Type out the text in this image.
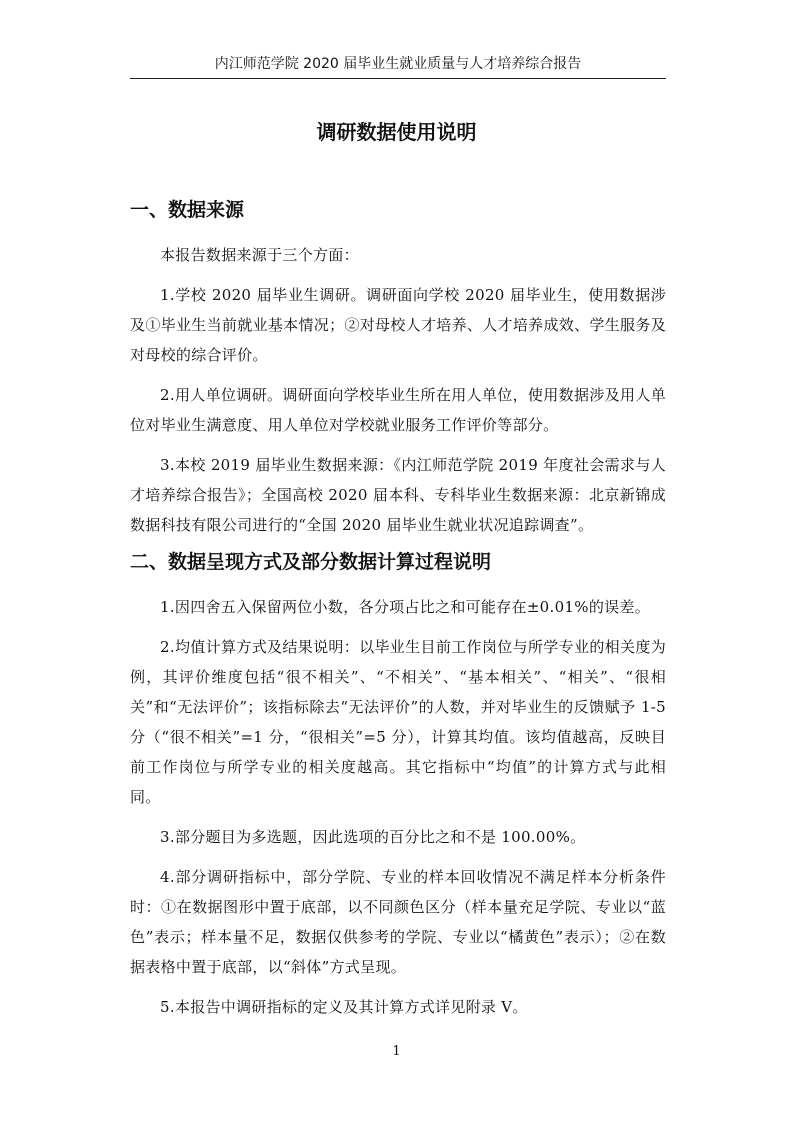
内江师范学院 2020 届毕业生就业质量与人才培养综合报告
调研数据使用说明
一、数据来源

本报告数据来源于三个方面：

1.学校 2020 届毕业生调研。调研面向学校 2020 届毕业生，使用数据涉及①毕业生当前就业基本情况；②对母校人才培养、人才培养成效、学生服务及对母校的综合评价。

2.用人单位调研。调研面向学校毕业生所在用人单位，使用数据涉及用人单位对毕业生满意度、用人单位对学校就业服务工作评价等部分。

3.本校 2019 届毕业生数据来源：《内江师范学院 2019 年度社会需求与人才培养综合报告》；全国高校 2020 届本科、专科毕业生数据来源：北京新锦成数据科技有限公司进行的“全国 2020 届毕业生就业状况追踪调查”。

二、数据呈现方式及部分数据计算过程说明

1.因四舍五入保留两位小数，各分项占比之和可能存在±0.01%的误差。

2.均值计算方式及结果说明：以毕业生目前工作岗位与所学专业的相关度为例，其评价维度包括“很不相关”、“不相关”、“基本相关”、“相关”、“很相关”和“无法评价”；该指标除去“无法评价”的人数，并对毕业生的反馈赋予 1-5 分（“很不相关”=1 分，“很相关”=5 分），计算其均值。该均值越高，反映目前工作岗位与所学专业的相关度越高。其它指标中“均值”的计算方式与此相同。

3.部分题目为多选题，因此选项的百分比之和不是 100.00%。

4.部分调研指标中，部分学院、专业的样本回收情况不满足样本分析条件时：①在数据图形中置于底部，以不同颜色区分（样本量充足学院、专业以“蓝色”表示；样本量不足，数据仅供参考的学院、专业以“橘黄色”表示）；②在数据表格中置于底部，以“斜体”方式呈现。

5.本报告中调研指标的定义及其计算方式详见附录 V。

1
